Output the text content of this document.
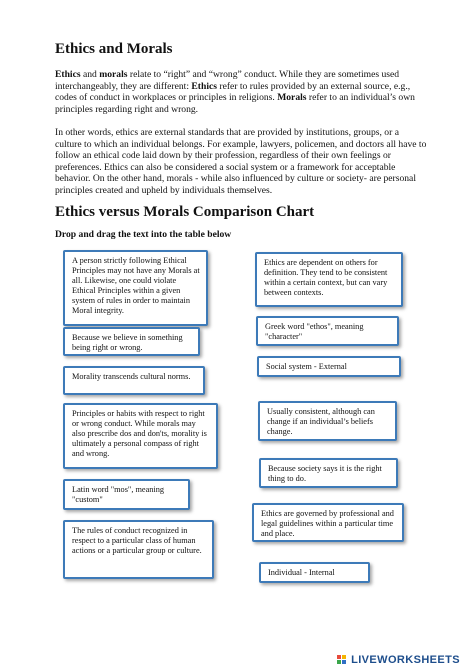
Ethics and Morals

Ethics and morals relate to “right” and “wrong” conduct. While they are sometimes used interchangeably, they are different: Ethics refer to rules provided by an external source, e.g., codes of conduct in workplaces or principles in religions. Morals refer to an individual’s own principles regarding right and wrong.

In other words, ethics are external standards that are provided by institutions, groups, or a culture to which an individual belongs. For example, lawyers, policemen, and doctors all have to follow an ethical code laid down by their profession, regardless of their own feelings or preferences. Ethics can also be considered a social system or a framework for acceptable behavior. On the other hand, morals - while also influenced by culture or society- are personal principles created and upheld by individuals themselves.

Ethics versus Morals Comparison Chart

Drop and drag the text into the table below

A person strictly following Ethical Principles may not have any Morals at all. Likewise, one could violate Ethical Principles within a given system of rules in order to maintain Moral integrity.
Because we believe in something being right or wrong.
Morality transcends cultural norms.
Principles or habits with respect to right or wrong conduct. While morals may also prescribe dos and don'ts, morality is ultimately a personal compass of right and wrong.
Latin word "mos", meaning "custom"
The rules of conduct recognized in respect to a particular class of human actions or a particular group or culture.
Ethics are dependent on others for definition. They tend to be consistent within a certain context, but can vary between contexts.
Greek word "ethos", meaning "character"
Social system - External
Usually consistent, although can change if an individual’s beliefs change.
Because society says it is the right thing to do.
Ethics are governed by professional and legal guidelines within a particular time and place.
Individual - Internal
LIVEWORKSHEETS
